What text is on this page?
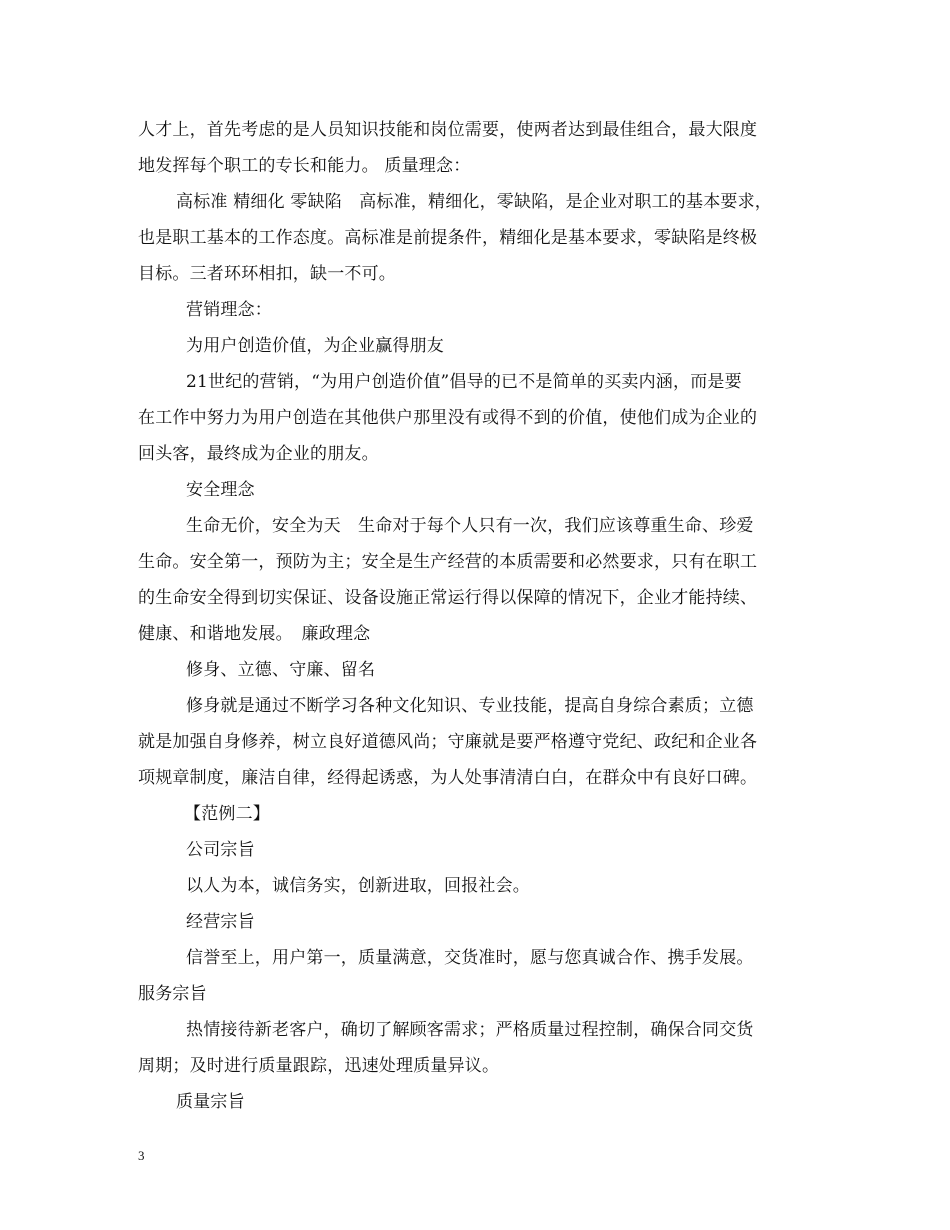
人才上，首先考虑的是人员知识技能和岗位需要，使两者达到最佳组合，最大限度
地发挥每个职工的专长和能力。 质量理念：
高标准 精细化 零缺陷　高标准，精细化，零缺陷，是企业对职工的基本要求，
也是职工基本的工作态度。高标准是前提条件，精细化是基本要求，零缺陷是终极
目标。三者环环相扣，缺一不可。
营销理念：
为用户创造价值，为企业赢得朋友
21世纪的营销，“为用户创造价值”倡导的已不是简单的买卖内涵，而是要
在工作中努力为用户创造在其他供户那里没有或得不到的价值，使他们成为企业的
回头客，最终成为企业的朋友。
安全理念
生命无价，安全为天　生命对于每个人只有一次，我们应该尊重生命、珍爱
生命。安全第一，预防为主；安全是生产经营的本质需要和必然要求，只有在职工
的生命安全得到切实保证、设备设施正常运行得以保障的情况下，企业才能持续、
健康、和谐地发展。　廉政理念
修身、立德、守廉、留名
修身就是通过不断学习各种文化知识、专业技能，提高自身综合素质；立德
就是加强自身修养，树立良好道德风尚；守廉就是要严格遵守党纪、政纪和企业各
项规章制度，廉洁自律，经得起诱惑，为人处事清清白白，在群众中有良好口碑。
【范例二】
公司宗旨
以人为本，诚信务实，创新进取，回报社会。
经营宗旨
信誉至上，用户第一，质量满意，交货准时，愿与您真诚合作、携手发展。
服务宗旨
热情接待新老客户，确切了解顾客需求；严格质量过程控制，确保合同交货
周期；及时进行质量跟踪，迅速处理质量异议。
质量宗旨
3
